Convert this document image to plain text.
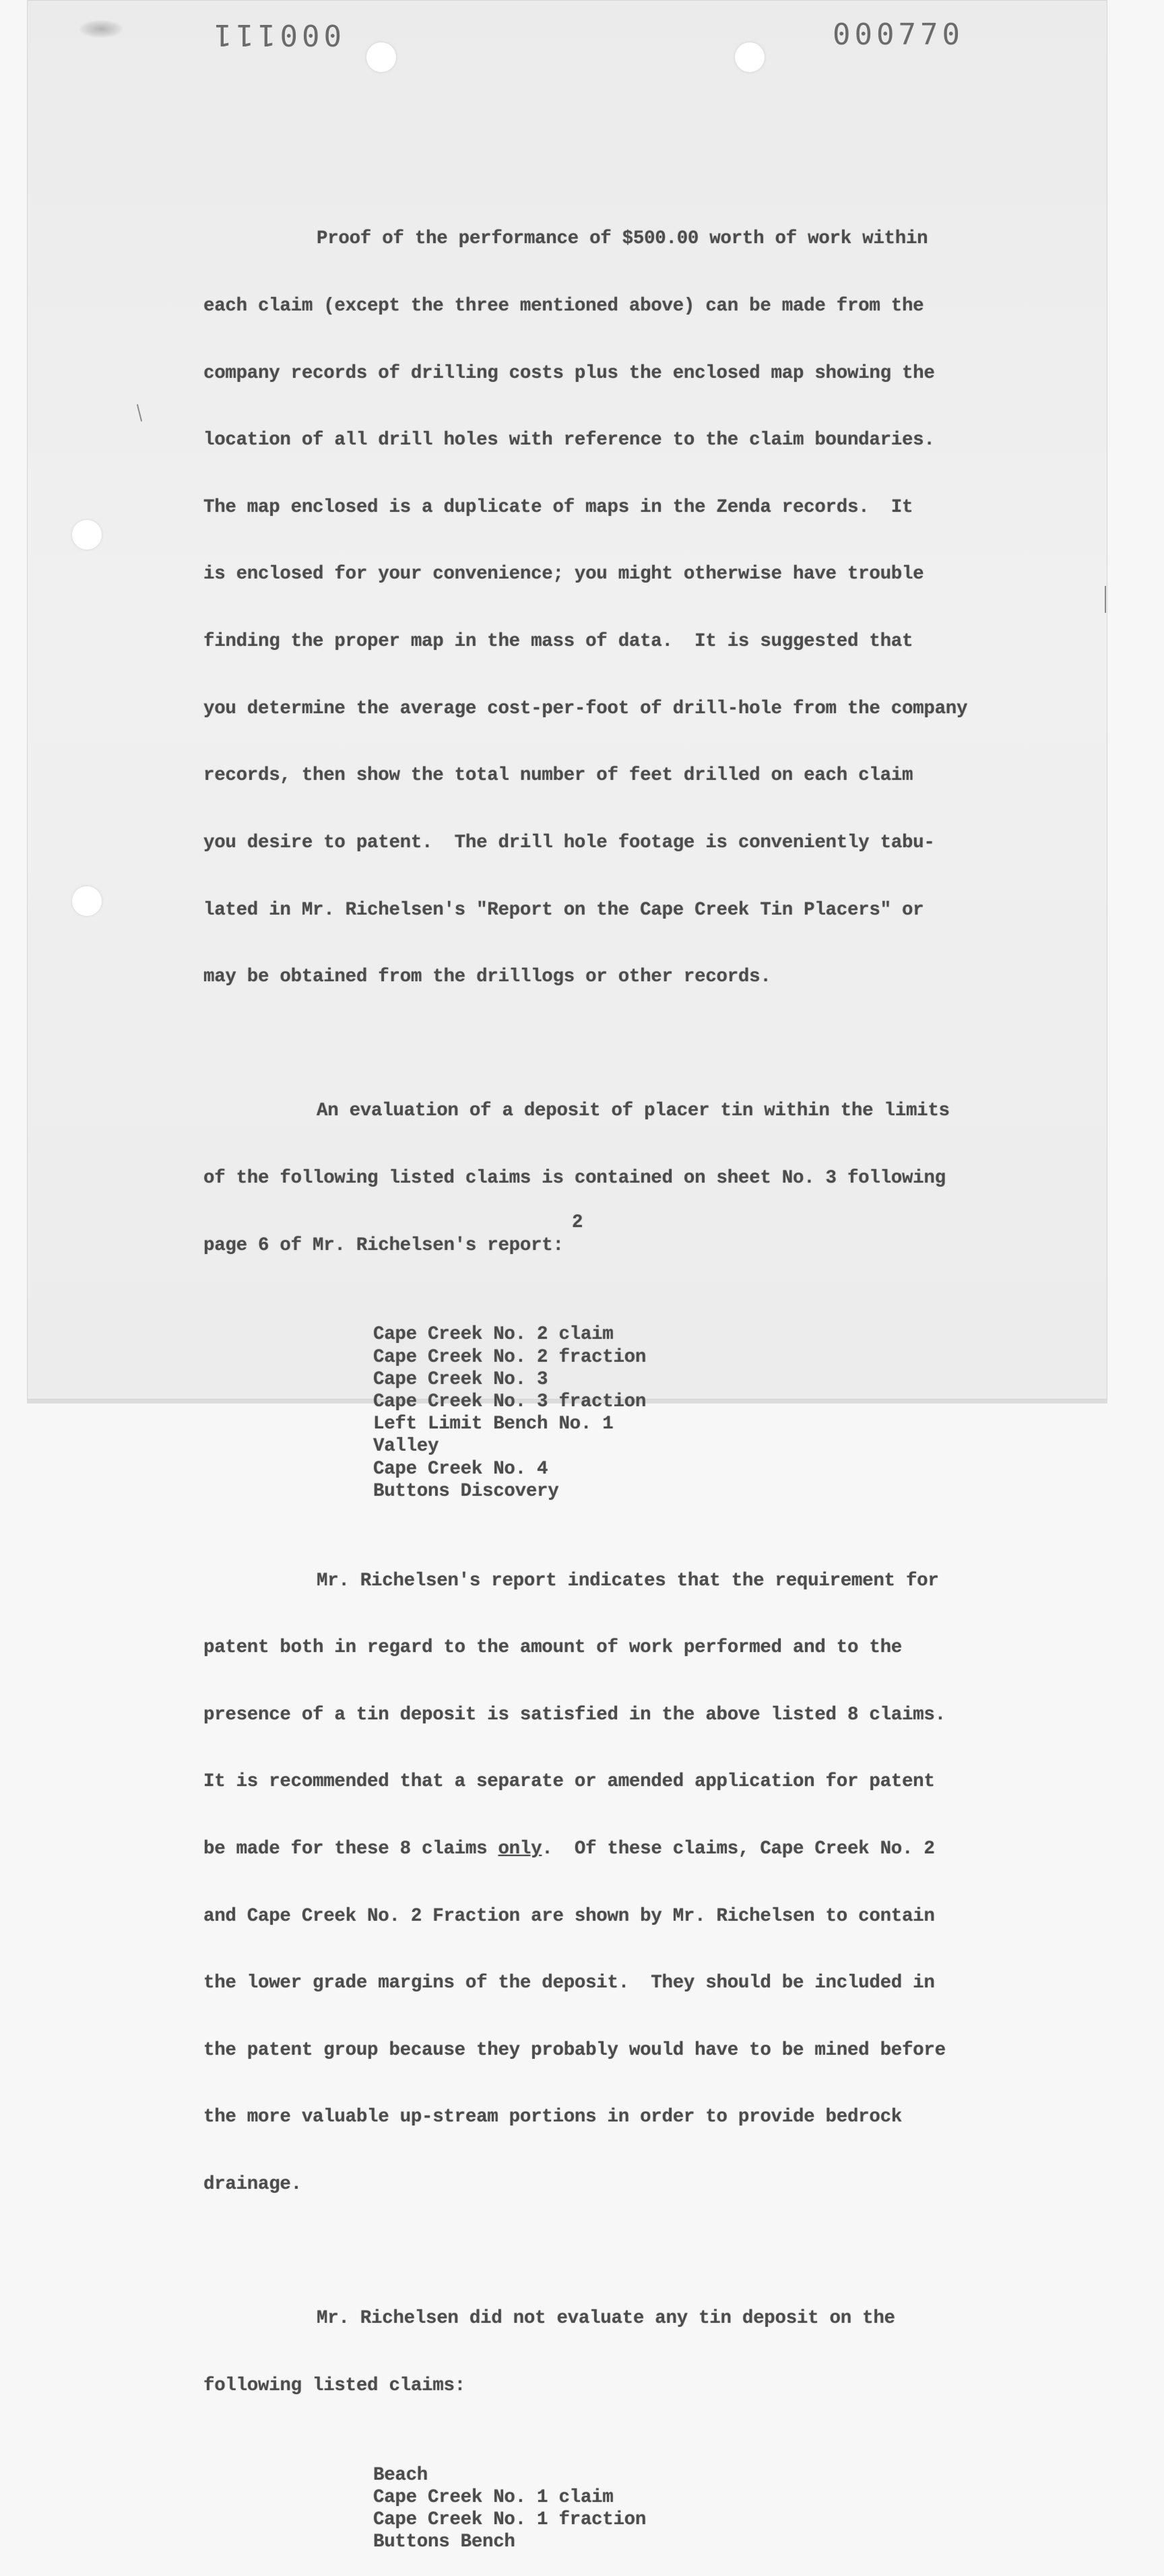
000111	000770

Proof of the performance of $500.00 worth of work within

each claim (except the three mentioned above) can be made from the

company records of drilling costs plus the enclosed map showing the

location of all drill holes with reference to the claim boundaries.

The map enclosed is a duplicate of maps in the Zenda records.  It

is enclosed for your convenience; you might otherwise have trouble

finding the proper map in the mass of data.  It is suggested that

you determine the average cost-per-foot of drill-hole from the company

records, then show the total number of feet drilled on each claim

you desire to patent.  The drill hole footage is conveniently tabu-

lated in Mr. Richelsen's "Report on the Cape Creek Tin Placers" or

may be obtained from the drilllogs or other records.

An evaluation of a deposit of placer tin within the limits

of the following listed claims is contained on sheet No. 3 following

page 6 of Mr. Richelsen's report:

Cape Creek No. 2 claim
Cape Creek No. 2 fraction
Cape Creek No. 3
Cape Creek No. 3 fraction
Left Limit Bench No. 1
Valley
Cape Creek No. 4
Buttons Discovery

Mr. Richelsen's report indicates that the requirement for

patent both in regard to the amount of work performed and to the

presence of a tin deposit is satisfied in the above listed 8 claims.

It is recommended that a separate or amended application for patent

be made for these 8 claims only.  Of these claims, Cape Creek No. 2

and Cape Creek No. 2 Fraction are shown by Mr. Richelsen to contain

the lower grade margins of the deposit.  They should be included in

the patent group because they probably would have to be mined before

the more valuable up-stream portions in order to provide bedrock

drainage.

Mr. Richelsen did not evaluate any tin deposit on the

following listed claims:

Beach
Cape Creek No. 1 claim
Cape Creek No. 1 fraction
Buttons Bench

2
